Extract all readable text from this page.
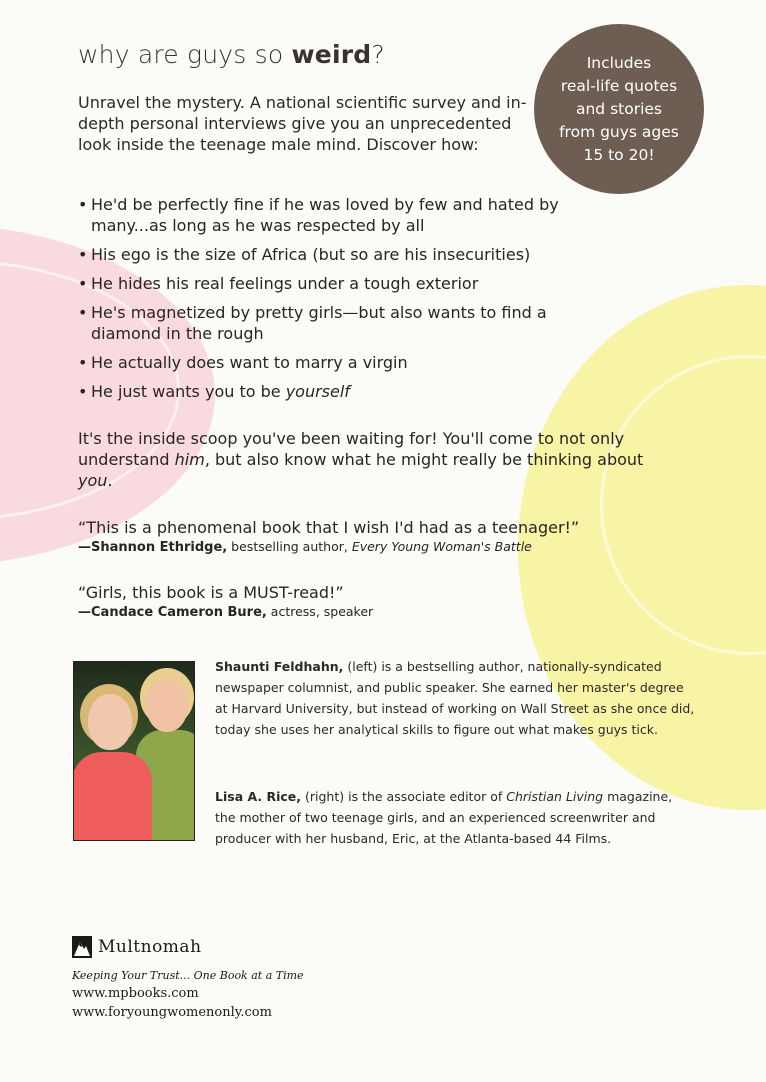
why are guys so weird?	Includes
real-life quotes
and stories
from guys ages
15 to 20!

Unravel the mystery. A national scientific survey and in-depth personal interviews give you an unprecedented look inside the teenage male mind. Discover how:

• He'd be perfectly fine if he was loved by few and hated by many...as long as he was respected by all
• His ego is the size of Africa (but so are his insecurities)
• He hides his real feelings under a tough exterior
• He's magnetized by pretty girls—but also wants to find a diamond in the rough
• He actually does want to marry a virgin
• He just wants you to be yourself

It's the inside scoop you've been waiting for! You'll come to not only understand him, but also know what he might really be thinking about you.

“This is a phenomenal book that I wish I'd had as a teenager!”
—Shannon Ethridge, bestselling author, Every Young Woman's Battle
“Girls, this book is a MUST-read!”
—Candace Cameron Bure, actress, speaker

Shaunti Feldhahn, (left) is a bestselling author, nationally-syndicated newspaper columnist, and public speaker. She earned her master's degree at Harvard University, but instead of working on Wall Street as she once did, today she uses her analytical skills to figure out what makes guys tick.

Lisa A. Rice, (right) is the associate editor of Christian Living magazine, the mother of two teenage girls, and an experienced screenwriter and producer with her husband, Eric, at the Atlanta-based 44 Films.

Multnomah
Keeping Your Trust... One Book at a Time
www.mpbooks.com
www.foryoungwomenonly.com
